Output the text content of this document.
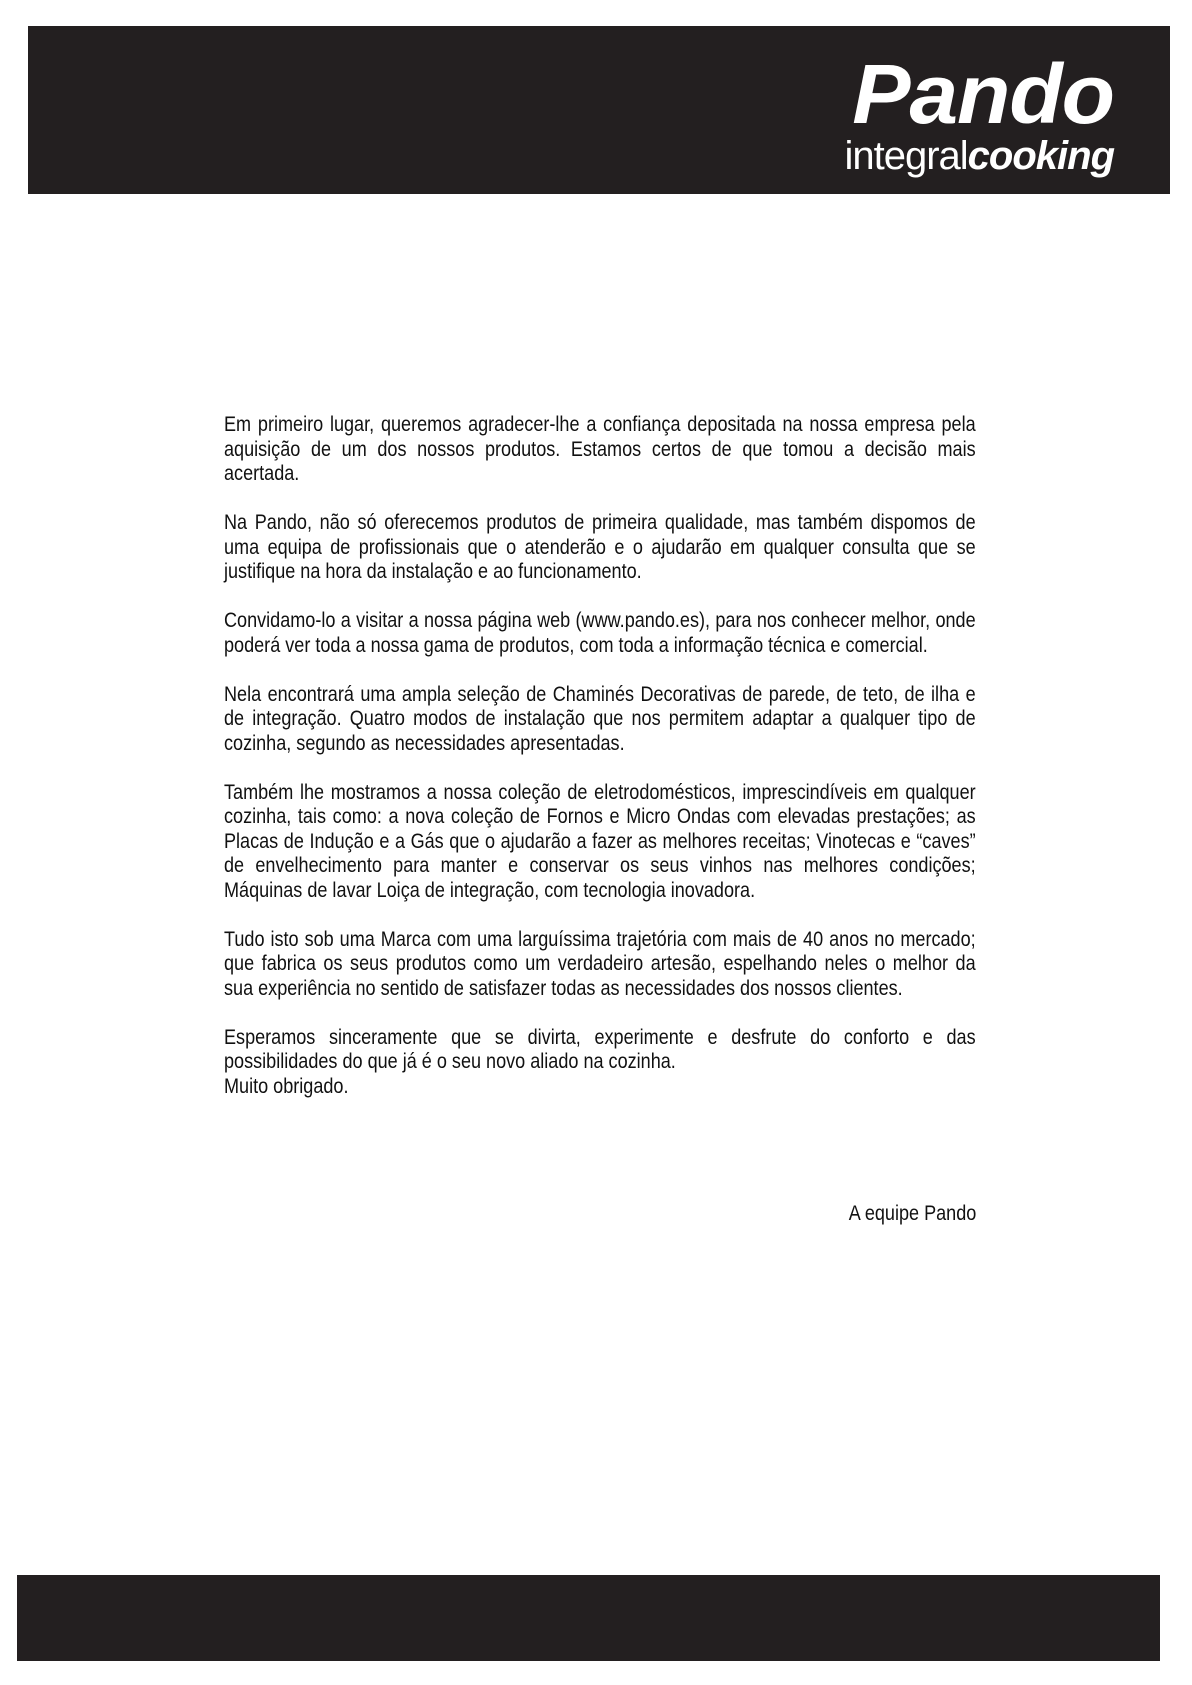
Pando
integralcooking

Em primeiro lugar, queremos agradecer-lhe a confiança depositada na nossa empresa pela aquisição de um dos nossos produtos. Estamos certos de que tomou a decisão mais acertada.

Na Pando, não só oferecemos produtos de primeira qualidade, mas também dispomos de uma equipa de profissionais que o atenderão e o ajudarão em qualquer consulta que se justifique na hora da instalação e ao funcionamento.

Convidamo-lo a visitar a nossa página web (www.pando.es), para nos conhecer melhor, onde poderá ver toda a nossa gama de produtos, com toda a informação técnica e comercial.

Nela encontrará uma ampla seleção de Chaminés Decorativas de parede, de teto, de ilha e de integração. Quatro modos de instalação que nos permitem adaptar a qualquer tipo de cozinha, segundo as necessidades apresentadas.

Também lhe mostramos a nossa coleção de eletrodomésticos, imprescindíveis em qualquer cozinha, tais como: a nova coleção de Fornos e Micro Ondas com elevadas prestações; as Placas de Indução e a Gás que o ajudarão a fazer as melhores receitas; Vinotecas e “caves” de envelhecimento para manter e conservar os seus vinhos nas melhores condições; Máquinas de lavar Loiça de integração, com tecnologia inovadora.

Tudo isto sob uma Marca com uma larguíssima trajetória com mais de 40 anos no mercado; que fabrica os seus produtos como um verdadeiro artesão, espelhando neles o melhor da sua experiência no sentido de satisfazer todas as necessidades dos nossos clientes.

Esperamos sinceramente que se divirta, experimente e desfrute do conforto e das possibilidades do que já é o seu novo aliado na cozinha.

Muito obrigado.

A equipe Pando
